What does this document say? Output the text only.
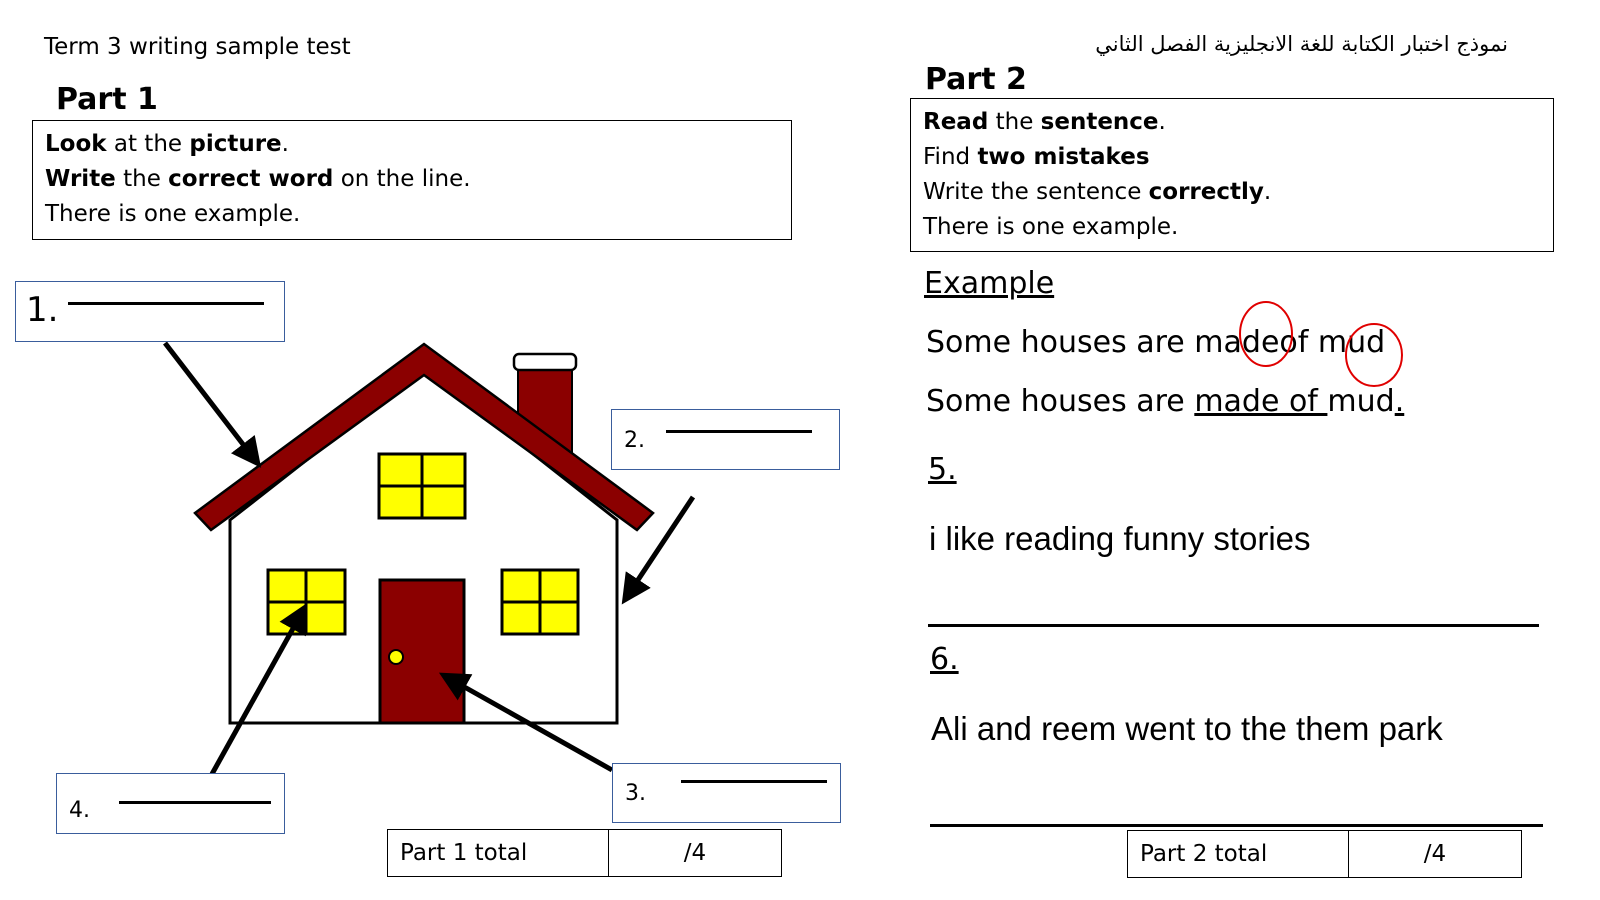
Term 3 writing sample test	نموذج اختبار الكتابة للغة الانجليزية الفصل الثاني
Part 1
Look at the picture.
Write the correct word on the line.
There is one example.
1.
2.
3.
4.
Part 1 total	/4
Part 2
Read the sentence.
Find two mistakes
Write the sentence correctly.
There is one example.
Example
Some houses are madeof mud
Some houses are made of mud.
5.
i like reading funny stories
6.
Ali and reem went to the them park
Part 2 total	/4
